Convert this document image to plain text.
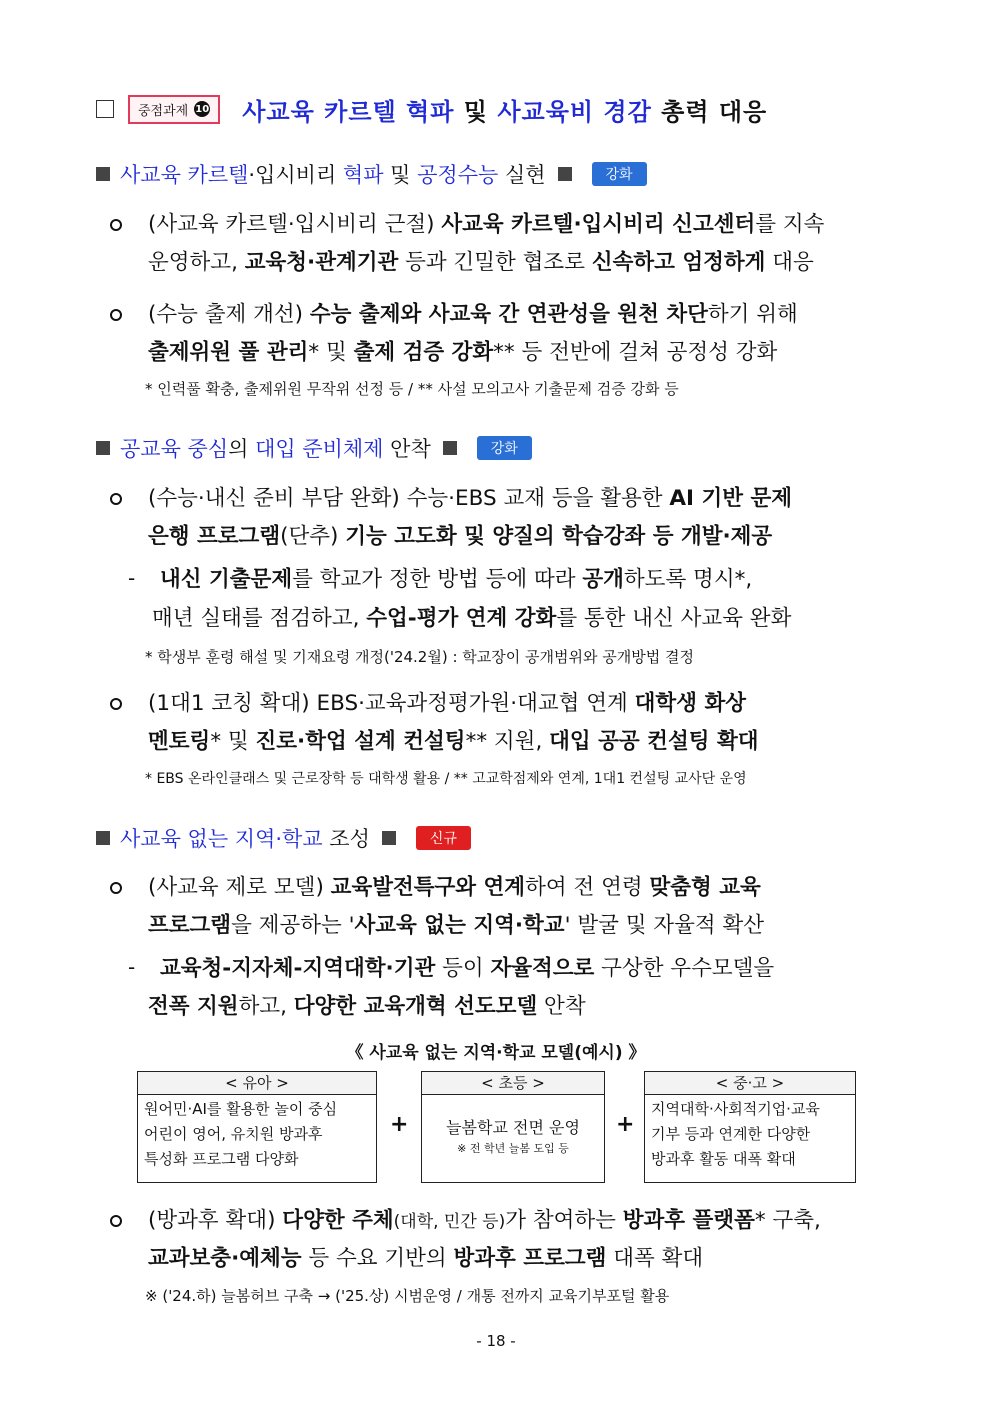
중점과제 10 사교육 카르텔 혁파 및 사교육비 경감 총력 대응
사교육 카르텔 ·입시비리 혁파 및 공정수능 실현	강화
(사교육 카르텔·입시비리 근절) 사교육 카르텔·입시비리 신고센터를 지속
운영하고, 교육청·관계기관 등과 긴밀한 협조로 신속하고 엄정하게 대응
(수능 출제 개선) 수능 출제와 사교육 간 연관성을 원천 차단하기 위해
출제위원 풀 관리* 및 출제 검증 강화** 등 전반에 걸쳐 공정성 강화
* 인력풀 확충, 출제위원 무작위 선정 등 / ** 사설 모의고사 기출문제 검증 강화 등
공교육 중심 의 대입 준비체제 안착	강화
(수능·내신 준비 부담 완화) 수능·EBS 교재 등을 활용한 AI 기반 문제
은행 프로그램(단추) 기능 고도화 및 양질의 학습강좌 등 개발·제공
- 내신 기출문제를 학교가 정한 방법 등에 따라 공개하도록 명시*,
매년 실태를 점검하고, 수업-평가 연계 강화를 통한 내신 사교육 완화
* 학생부 훈령 해설 및 기재요령 개정('24.2월) : 학교장이 공개범위와 공개방법 결정
(1대1 코칭 확대) EBS·교육과정평가원·대교협 연계 대학생 화상
멘토링* 및 진로·학업 설계 컨설팅** 지원, 대입 공공 컨설팅 확대
* EBS 온라인클래스 및 근로장학 등 대학생 활용 / ** 고교학점제와 연계, 1대1 컨설팅 교사단 운영
사교육 없는 지역·학교 조성	신규
(사교육 제로 모델) 교육발전특구와 연계하여 전 연령 맞춤형 교육
프로그램을 제공하는 '사교육 없는 지역·학교' 발굴 및 자율적 확산
- 교육청-지자체-지역대학·기관 등이 자율적으로 구상한 우수모델을
전폭 지원하고, 다양한 교육개혁 선도모델 안착
《 사교육 없는 지역·학교 모델(예시) 》
< 유아 >
원어민·AI를 활용한 놀이 중심
어린이 영어, 유치원 방과후
특성화 프로그램 다양화
+
< 초등 >
늘봄학교 전면 운영
※ 전 학년 늘봄 도입 등
+
< 중·고 >
지역대학·사회적기업·교육
기부 등과 연계한 다양한
방과후 활동 대폭 확대
(방과후 확대) 다양한 주체(대학, 민간 등)가 참여하는 방과후 플랫폼* 구축,
교과보충·예체능 등 수요 기반의 방과후 프로그램 대폭 확대
※ ('24.하) 늘봄허브 구축 → ('25.상) 시범운영 / 개통 전까지 교육기부포털 활용
- 18 -
